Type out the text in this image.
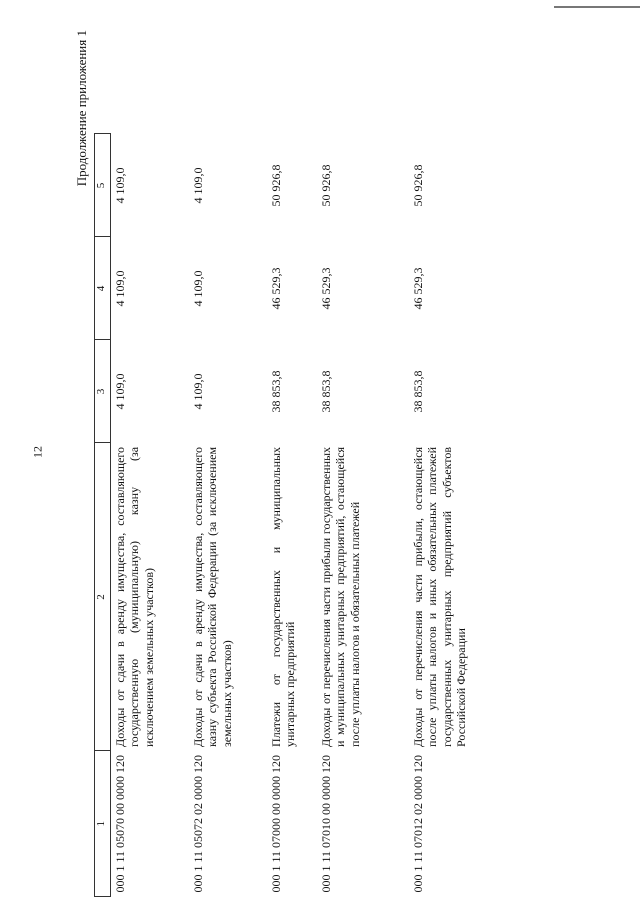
12
Продолжение приложения 1
1	2	3	4	5
000 1 11 05070 00 0000 120	Доходы от сдачи в аренду имущества, составляющего государственную (муниципальную) казну (за исключением земельных участков)	4 109,0	4 109,0	4 109,0
000 1 11 05072 02 0000 120	Доходы от сдачи в аренду имущества, составляющего казну субъекта Российской Федерации (за исключением земельных участков)	4 109,0	4 109,0	4 109,0
000 1 11 07000 00 0000 120	Платежи от государственных и муниципальных унитарных предприятий	38 853,8	46 529,3	50 926,8
000 1 11 07010 00 0000 120	Доходы от перечисления части прибыли государственных и муниципальных унитарных предприятий, остающейся после уплаты налогов и обязательных платежей	38 853,8	46 529,3	50 926,8
000 1 11 07012 02 0000 120	Доходы от перечисления части прибыли, остающейся после уплаты налогов и иных обязательных платежей государственных унитарных предприятий субъектов Российской Федерации	38 853,8	46 529,3	50 926,8
